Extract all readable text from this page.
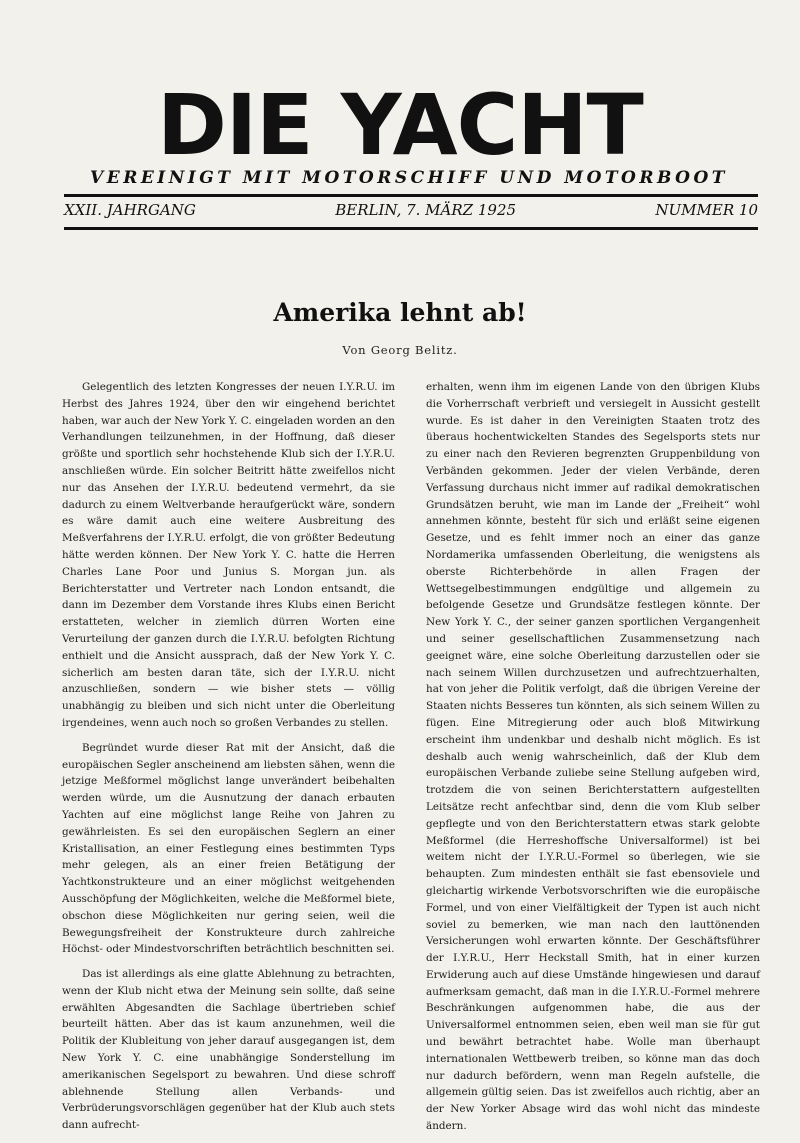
DIE YACHT
VEREINIGT MIT MOTORSCHIFF UND MOTORBOOT
XXII. JAHRGANG	BERLIN, 7. MÄRZ 1925	NUMMER 10
Amerika lehnt ab!
Von Georg Belitz.

Gelegentlich des letzten Kongresses der neuen I.Y.R.U. im Herbst des Jahres 1924, über den wir eingehend berichtet haben, war auch der New York Y. C. eingeladen worden an den Verhandlungen teilzunehmen, in der Hoffnung, daß dieser größte und sportlich sehr hochstehende Klub sich der I.Y.R.U. anschließen würde. Ein solcher Beitritt hätte zweifellos nicht nur das Ansehen der I.Y.R.U. bedeutend vermehrt, da sie dadurch zu einem Weltverbande heraufgerückt wäre, sondern es wäre damit auch eine weitere Ausbreitung des Meßverfahrens der I.Y.R.U. erfolgt, die von größter Bedeutung hätte werden können. Der New York Y. C. hatte die Herren Charles Lane Poor und Junius S. Morgan jun. als Berichterstatter und Vertreter nach London entsandt, die dann im Dezember dem Vorstande ihres Klubs einen Bericht erstatteten, welcher in ziemlich dürren Worten eine Verurteilung der ganzen durch die I.Y.R.U. befolgten Richtung enthielt und die Ansicht aussprach, daß der New York Y. C. sicherlich am besten daran täte, sich der I.Y.R.U. nicht anzuschließen, sondern — wie bisher stets — völlig unabhängig zu bleiben und sich nicht unter die Oberleitung irgendeines, wenn auch noch so großen Verbandes zu stellen.

Begründet wurde dieser Rat mit der Ansicht, daß die europäischen Segler anscheinend am liebsten sähen, wenn die jetzige Meßformel möglichst lange unverändert beibehalten werden würde, um die Ausnutzung der danach erbauten Yachten auf eine möglichst lange Reihe von Jahren zu gewährleisten. Es sei den europäischen Seglern an einer Kristallisation, an einer Festlegung eines bestimmten Typs mehr gelegen, als an einer freien Betätigung der Yachtkonstrukteure und an einer möglichst weitgehenden Ausschöpfung der Möglichkeiten, welche die Meßformel biete, obschon diese Möglichkeiten nur gering seien, weil die Bewegungsfreiheit der Konstrukteure durch zahlreiche Höchst- oder Mindestvorschriften beträchtlich beschnitten sei.

Das ist allerdings als eine glatte Ablehnung zu betrachten, wenn der Klub nicht etwa der Meinung sein sollte, daß seine erwählten Abgesandten die Sachlage übertrieben schief beurteilt hätten. Aber das ist kaum anzunehmen, weil die Politik der Klubleitung von jeher darauf ausgegangen ist, dem New York Y. C. eine unabhängige Sonderstellung im amerikanischen Segelsport zu bewahren. Und diese schroff ablehnende Stellung allen Verbands- und Verbrüderungsvorschlägen gegenüber hat der Klub auch stets dann aufrecht-

erhalten, wenn ihm im eigenen Lande von den übrigen Klubs die Vorherrschaft verbrieft und versiegelt in Aussicht gestellt wurde. Es ist daher in den Vereinigten Staaten trotz des überaus hochentwickelten Standes des Segelsports stets nur zu einer nach den Revieren begrenzten Gruppenbildung von Verbänden gekommen. Jeder der vielen Verbände, deren Verfassung durchaus nicht immer auf radikal demokratischen Grundsätzen beruht, wie man im Lande der „Freiheit“ wohl annehmen könnte, besteht für sich und erläßt seine eigenen Gesetze, und es fehlt immer noch an einer das ganze Nordamerika umfassenden Oberleitung, die wenigstens als oberste Richterbehörde in allen Fragen der Wettsegelbestimmungen endgültige und allgemein zu befolgende Gesetze und Grundsätze festlegen könnte. Der New York Y. C., der seiner ganzen sportlichen Vergangenheit und seiner gesellschaftlichen Zusammensetzung nach geeignet wäre, eine solche Oberleitung darzustellen oder sie nach seinem Willen durchzusetzen und aufrechtzuerhalten, hat von jeher die Politik verfolgt, daß die übrigen Vereine der Staaten nichts Besseres tun könnten, als sich seinem Willen zu fügen. Eine Mitregierung oder auch bloß Mitwirkung erscheint ihm undenkbar und deshalb nicht möglich. Es ist deshalb auch wenig wahrscheinlich, daß der Klub dem europäischen Verbande zuliebe seine Stellung aufgeben wird, trotzdem die von seinen Berichterstattern aufgestellten Leitsätze recht anfechtbar sind, denn die vom Klub selber gepflegte und von den Berichterstattern etwas stark gelobte Meßformel (die Herreshoffsche Universalformel) ist bei weitem nicht der I.Y.R.U.-Formel so überlegen, wie sie behaupten. Zum mindesten enthält sie fast ebensoviele und gleichartig wirkende Verbotsvorschriften wie die europäische Formel, und von einer Vielfältigkeit der Typen ist auch nicht soviel zu bemerken, wie man nach den lauttönenden Versicherungen wohl erwarten könnte. Der Geschäftsführer der I.Y.R.U., Herr Heckstall Smith, hat in einer kurzen Erwiderung auch auf diese Umstände hingewiesen und darauf aufmerksam gemacht, daß man in die I.Y.R.U.-Formel mehrere Beschränkungen aufgenommen habe, die aus der Universalformel entnommen seien, eben weil man sie für gut und bewährt betrachtet habe. Wolle man überhaupt internationalen Wettbewerb treiben, so könne man das doch nur dadurch befördern, wenn man Regeln aufstelle, die allgemein gültig seien. Das ist zweifellos auch richtig, aber an der New Yorker Absage wird das wohl nicht das mindeste ändern.
